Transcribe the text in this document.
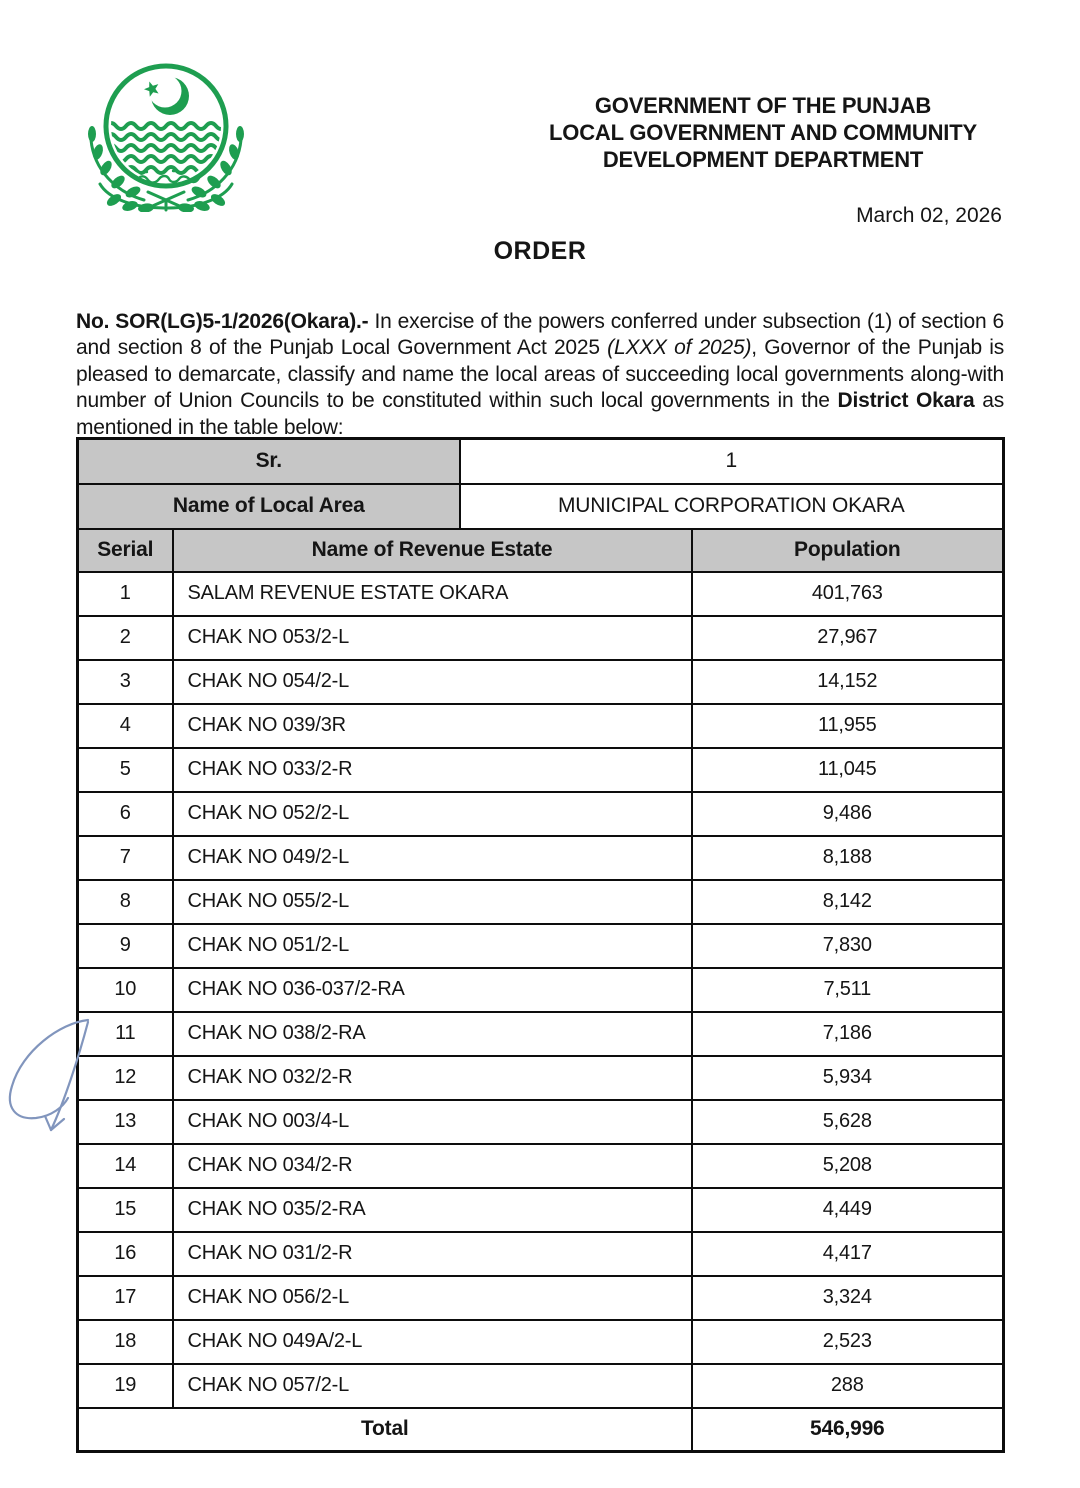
GOVERNMENT OF THE PUNJAB
LOCAL GOVERNMENT AND COMMUNITY
DEVELOPMENT DEPARTMENT
March 02, 2026
ORDER

No. SOR(LG)5-1/2026(Okara).- In exercise of the powers conferred under subsection (1) of section 6 and section 8 of the Punjab Local Government Act 2025 (LXXX of 2025), Governor of the Punjab is pleased to demarcate, classify and name the local areas of succeeding local governments along-with number of Union Councils to be constituted within such local governments in the District Okara as mentioned in the table below:

Sr.		1	
Name of Local Area		MUNICIPAL CORPORATION OKARA	
Serial	Name of Revenue Estate		Population
1	SALAM REVENUE ESTATE OKARA		401,763
2	CHAK NO 053/2-L		27,967
3	CHAK NO 054/2-L		14,152
4	CHAK NO 039/3R		11,955
5	CHAK NO 033/2-R		11,045
6	CHAK NO 052/2-L		9,486
7	CHAK NO 049/2-L		8,188
8	CHAK NO 055/2-L		8,142
9	CHAK NO 051/2-L		7,830
10	CHAK NO 036-037/2-RA		7,511
11	CHAK NO 038/2-RA		7,186
12	CHAK NO 032/2-R		5,934
13	CHAK NO 003/4-L		5,628
14	CHAK NO 034/2-R		5,208
15	CHAK NO 035/2-RA		4,449
16	CHAK NO 031/2-R		4,417
17	CHAK NO 056/2-L		3,324
18	CHAK NO 049A/2-L		2,523
19	CHAK NO 057/2-L		288
Total			546,996
